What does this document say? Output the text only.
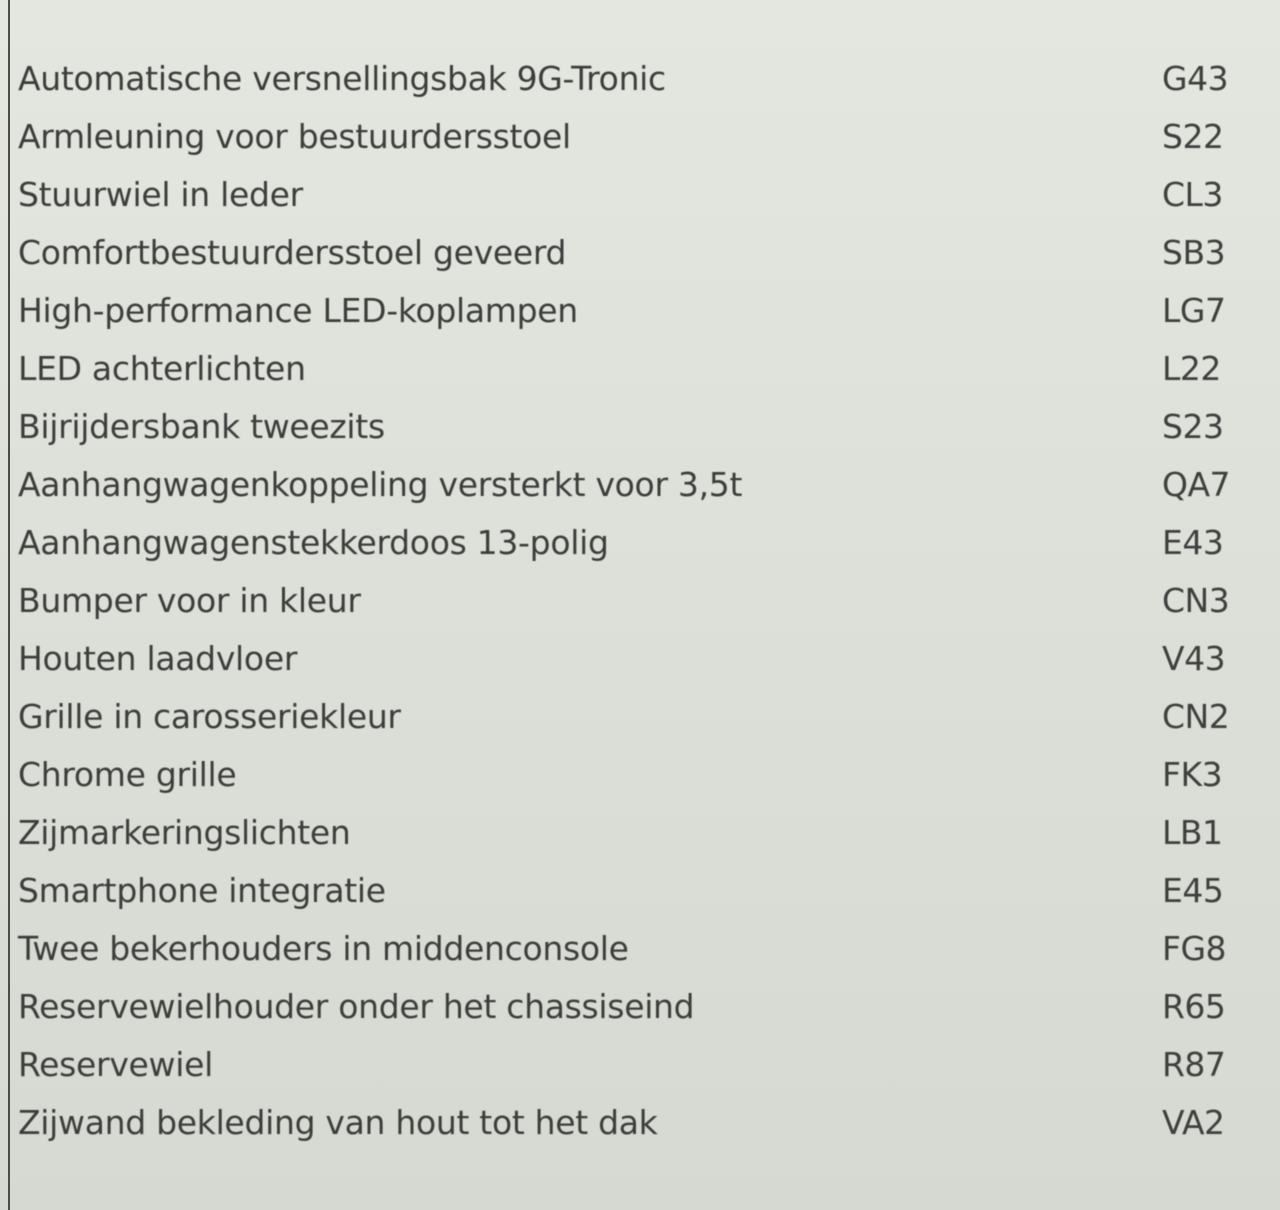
Automatische versnellingsbak 9G-Tronic	G43
Armleuning voor bestuurdersstoel	S22
Stuurwiel in leder	CL3
Comfortbestuurdersstoel geveerd	SB3
High-performance LED-koplampen	LG7
LED achterlichten	L22
Bijrijdersbank tweezits	S23
Aanhangwagenkoppeling versterkt voor 3,5t	QA7
Aanhangwagenstekkerdoos 13-polig	E43
Bumper voor in kleur	CN3
Houten laadvloer	V43
Grille in carosseriekleur	CN2
Chrome grille	FK3
Zijmarkeringslichten	LB1
Smartphone integratie	E45
Twee bekerhouders in middenconsole	FG8
Reservewielhouder onder het chassiseind	R65
Reservewiel	R87
Zijwand bekleding van hout tot het dak	VA2
